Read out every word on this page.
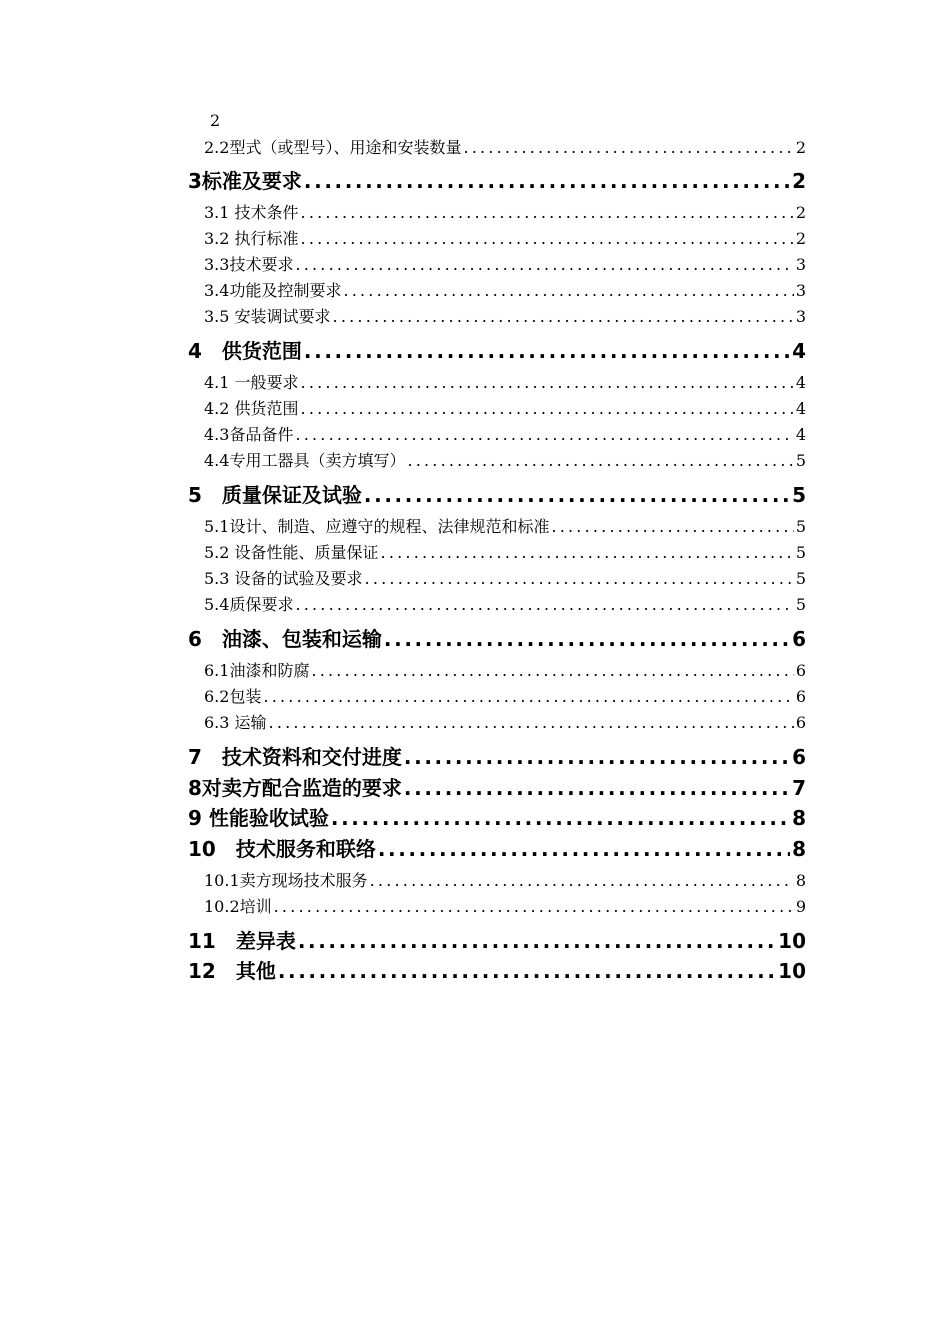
2
2.2型式（或型号）、用途和安装数量 .....	2
3标准及要求 .....	2
3.1 技术条件 .....	2
3.2 执行标准 .....	2
3.3技术要求 .....	3
3.4功能及控制要求 .....	3
3.5 安装调试要求 .....	3
4　供货范围 .....	4
4.1 一般要求 .....	4
4.2 供货范围 .....	4
4.3备品备件 .....	4
4.4专用工器具（卖方填写） .....	5
5　质量保证及试验 .....	5
5.1设计、制造、应遵守的规程、法律规范和标准 .....	5
5.2 设备性能、质量保证 .....	5
5.3 设备的试验及要求 .....	5
5.4质保要求 .....	5
6　油漆、包装和运输 .....	6
6.1油漆和防腐 .....	6
6.2包装 .....	6
6.3 运输 .....	6
7　技术资料和交付进度 .....	6
8对卖方配合监造的要求 .....	7
9 性能验收试验 .....	8
10　技术服务和联络 .....	8
10.1卖方现场技术服务 .....	8
10.2培训 .....	9
11　差异表 .....	10
12　其他 .....	10
